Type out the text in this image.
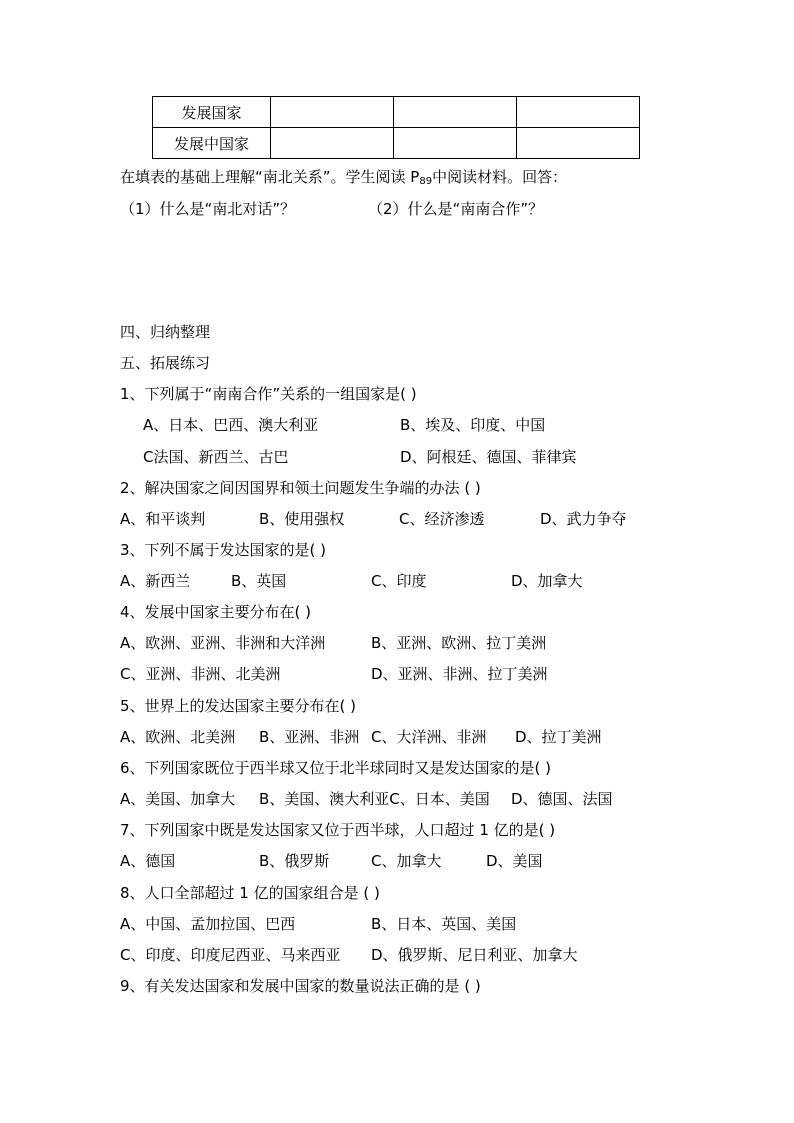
发展国家			
发展中国家			
在填表的基础上理解“南北关系”。学生阅读 $P_{89}$中阅读材料。回答：
（1）什么是“南北对话”？	（2）什么是“南南合作”？
四、归纳整理
五、拓展练习
1、下列属于“南南合作”关系的一组国家是( )
A、日本、巴西、澳大利亚	B、埃及、印度、中国
C法国、新西兰、古巴	D、阿根廷、德国、菲律宾
2、解决国家之间因国界和领土问题发生争端的办法 ( )
A、和平谈判	B、使用强权	C、经济渗透	D、武力争夺
3、下列不属于发达国家的是( )
A、新西兰	B、英国	C、印度	D、加拿大
4、发展中国家主要分布在( )
A、欧洲、亚洲、非洲和大洋洲	B、亚洲、欧洲、拉丁美洲
C、亚洲、非洲、北美洲	D、亚洲、非洲、拉丁美洲
5、世界上的发达国家主要分布在( )
A、欧洲、北美洲 B、亚洲、非洲 C、大洋洲、非洲 D、拉丁美洲
6、下列国家既位于西半球又位于北半球同时又是发达国家的是( )
A、美国、加拿大 B、美国、澳大利亚C、日本、美国 D、德国、法国
7、下列国家中既是发达国家又位于西半球，人口超过 1 亿的是( )
A、德国	B、俄罗斯	C、加拿大	D、美国
8、人口全部超过 1 亿的国家组合是 ( )
A、中国、孟加拉国、巴西	B、日本、英国、美国
C、印度、印度尼西亚、马来西亚 D、俄罗斯、尼日利亚、加拿大
9、有关发达国家和发展中国家的数量说法正确的是 ( )
